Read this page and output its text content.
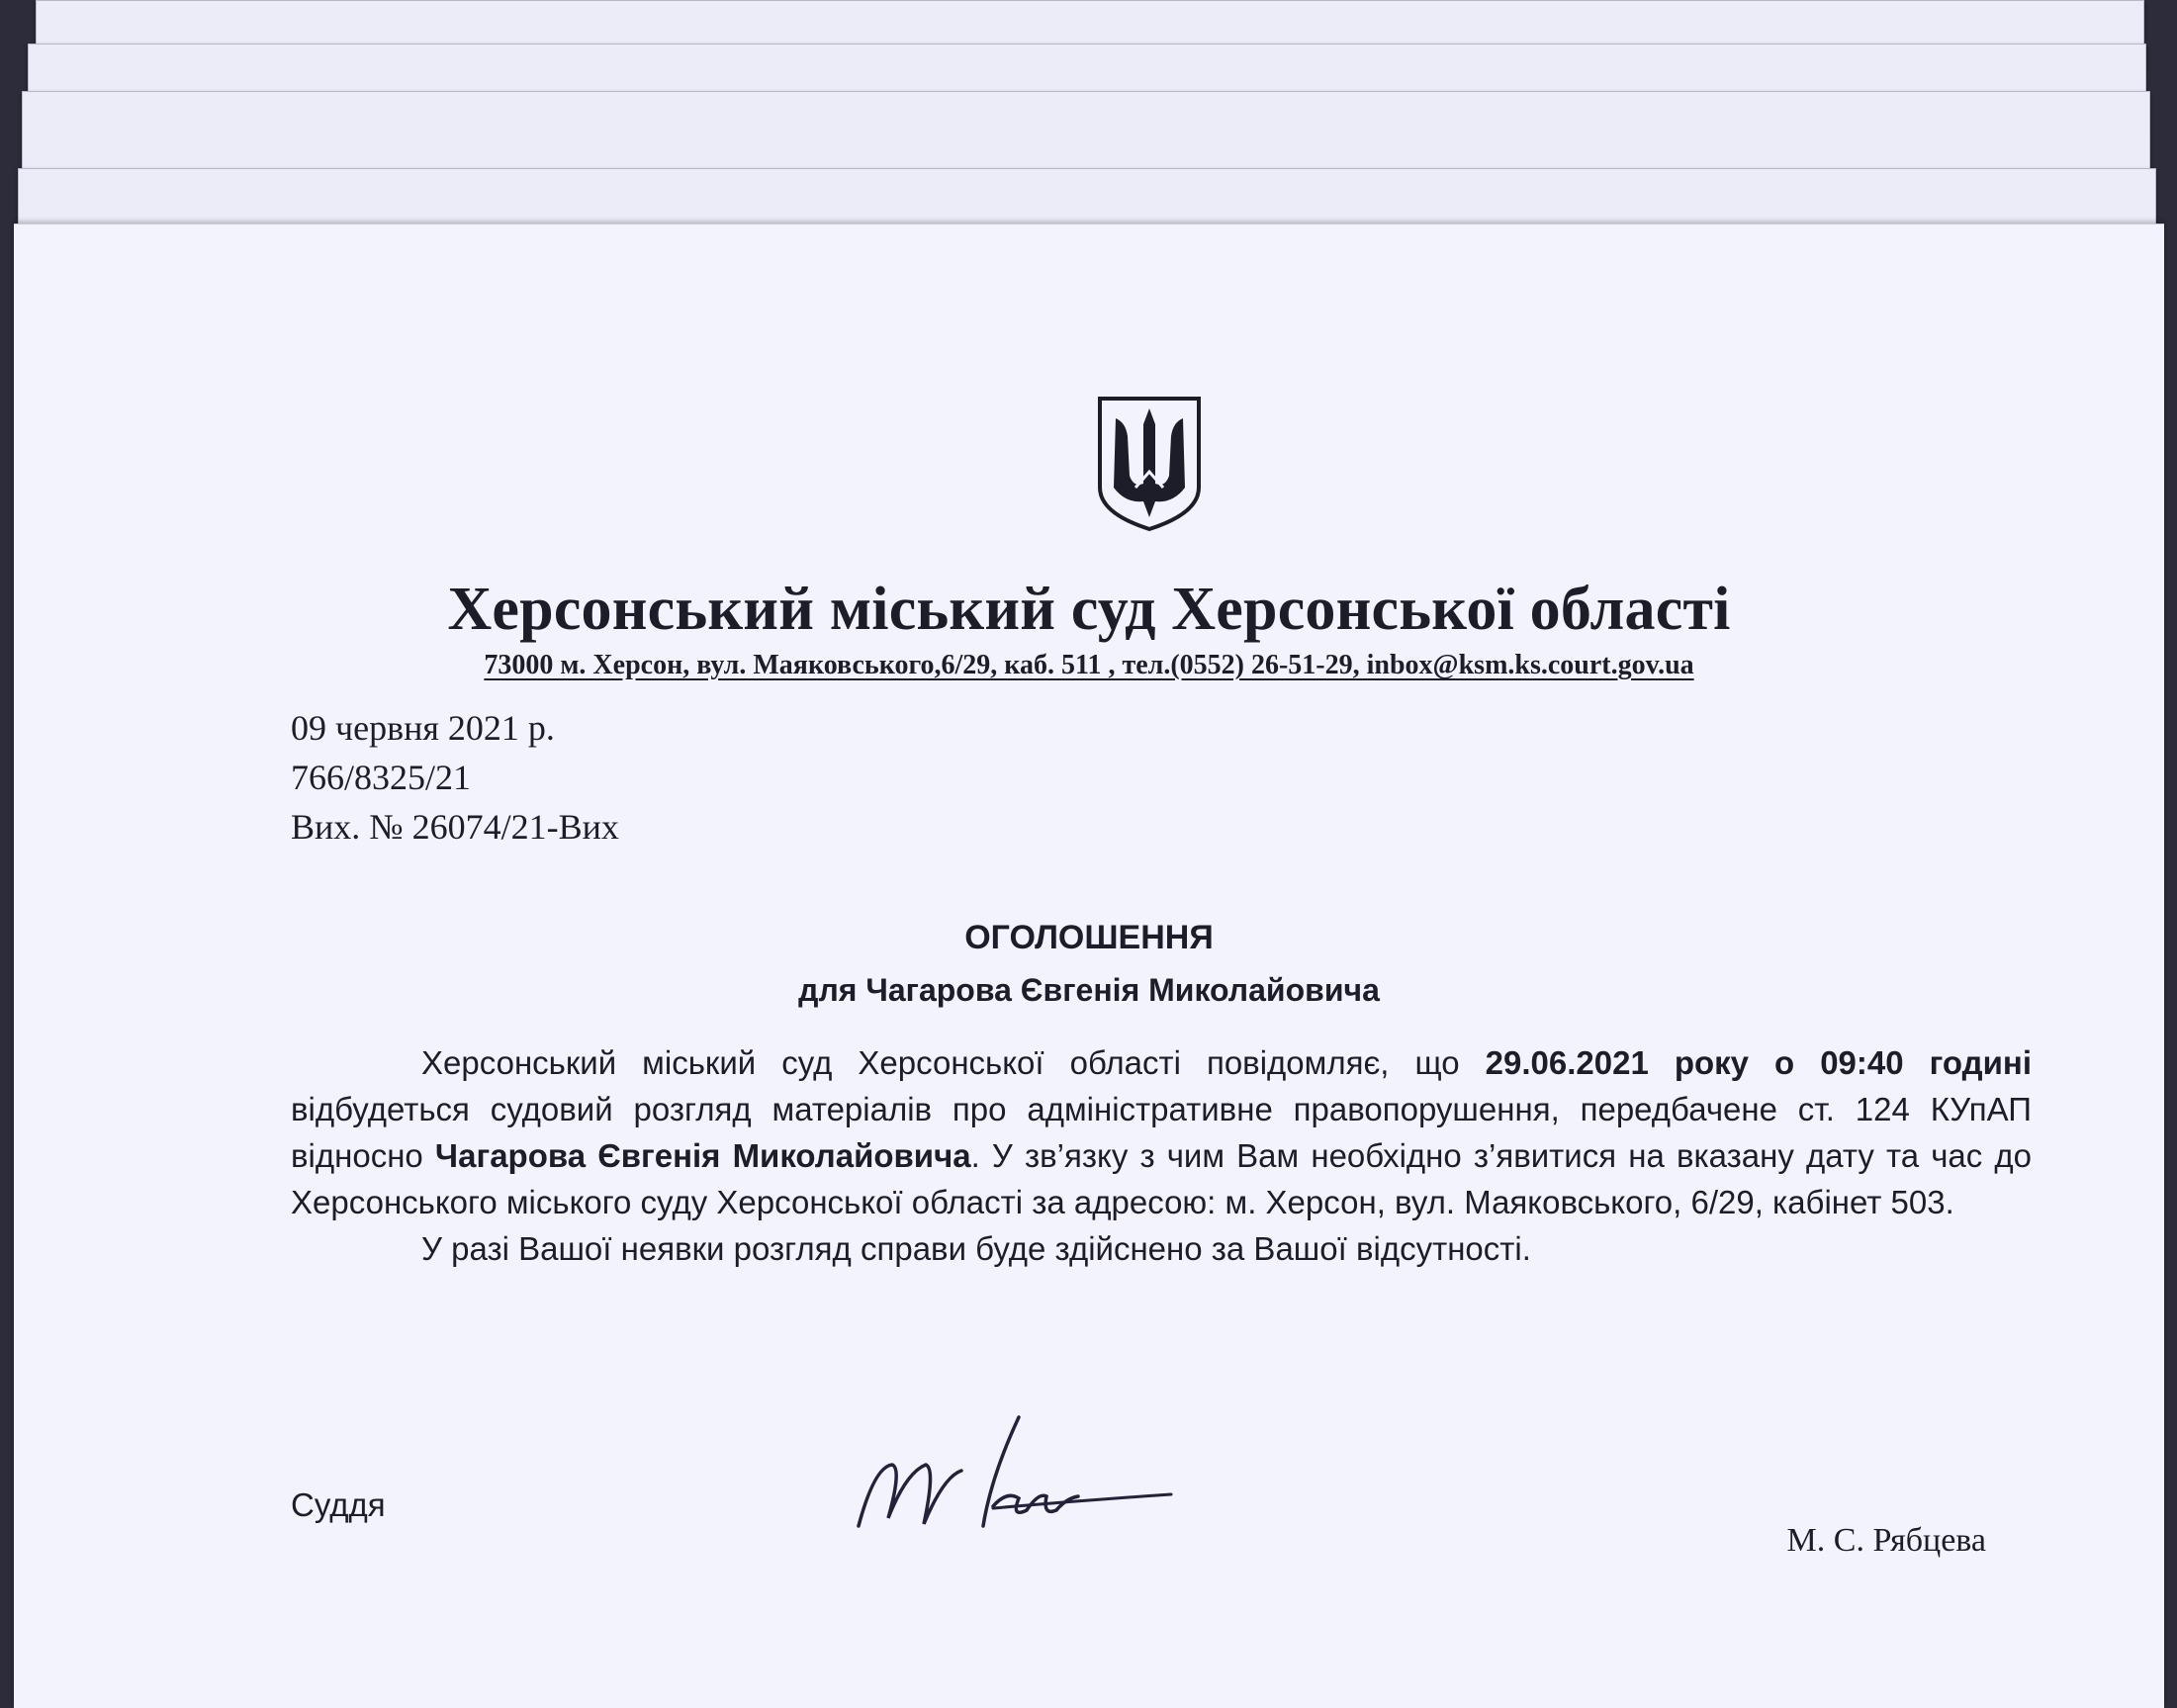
Херсонський міський суд Херсонської області
73000 м. Херсон, вул. Маяковського,6/29, каб. 511 , тел.(0552) 26-51-29, inbox@ksm.ks.court.gov.ua
09 червня 2021 р.
766/8325/21
Вих. № 26074/21-Вих
ОГОЛОШЕННЯ
для Чагарова Євгенія Миколайовича

Херсонський міський суд Херсонської області повідомляє, що 29.06.2021 року о 09:40 годині відбудеться судовий розгляд матеріалів про адміністративне правопорушення, передбачене ст. 124 КУпАП відносно Чагарова Євгенія Миколайовича. У зв’язку з чим Вам необхідно з’явитися на вказану дату та час до Херсонського міського суду Херсонської області за адресою: м. Херсон, вул. Маяковського, 6/29, кабінет 503.

У разі Вашої неявки розгляд справи буде здійснено за Вашої відсутності.

Суддя
М. С. Рябцева
